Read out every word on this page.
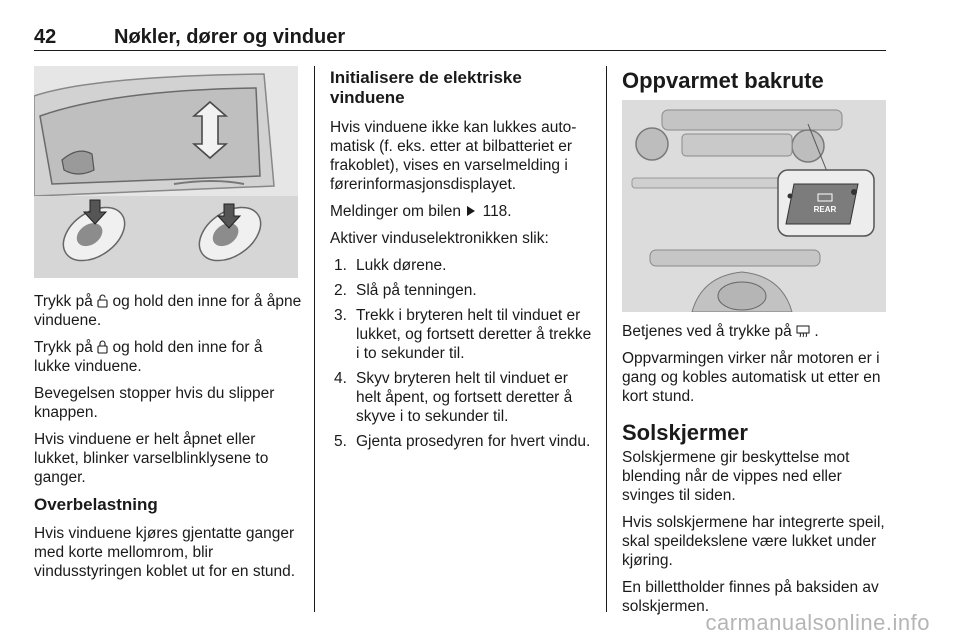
42	Nøkler, dører og vinduer

Trykk på og hold den inne for å åpne vinduene.

Trykk på og hold den inne for å lukke vinduene.

Bevegelsen stopper hvis du slipper knappen.

Hvis vinduene er helt åpnet eller lukket, blinker varselblinklysene to ganger.

Overbelastning

Hvis vinduene kjøres gjentatte ganger med korte mellomrom, blir vindusstyringen koblet ut for en stund.

Initialisere de elektriske vinduene

Hvis vinduene ikke kan lukkes auto-matisk (f. eks. etter at bilbatteriet er frakoblet), vises en varselmelding i førerinformasjonsdisplayet.

Meldinger om bilen 118.

Aktiver vinduselektronikken slik:

1. Lukk dørene.
2. Slå på tenningen.
3. Trekk i bryteren helt til vinduet er lukket, og fortsett deretter å trekke i to sekunder til.
4. Skyv bryteren helt til vinduet er helt åpent, og fortsett deretter å skyve i to sekunder til.
5. Gjenta prosedyren for hvert vindu.
Oppvarmet bakrute
REAR

Betjenes ved å trykke på .

Oppvarmingen virker når motoren er i gang og kobles automatisk ut etter en kort stund.

Solskjermer

Solskjermene gir beskyttelse mot blending når de vippes ned eller svinges til siden.

Hvis solskjermene har integrerte speil, skal speildekslene være lukket under kjøring.

En billettholder finnes på baksiden av solskjermen.

carmanualsonline.info
